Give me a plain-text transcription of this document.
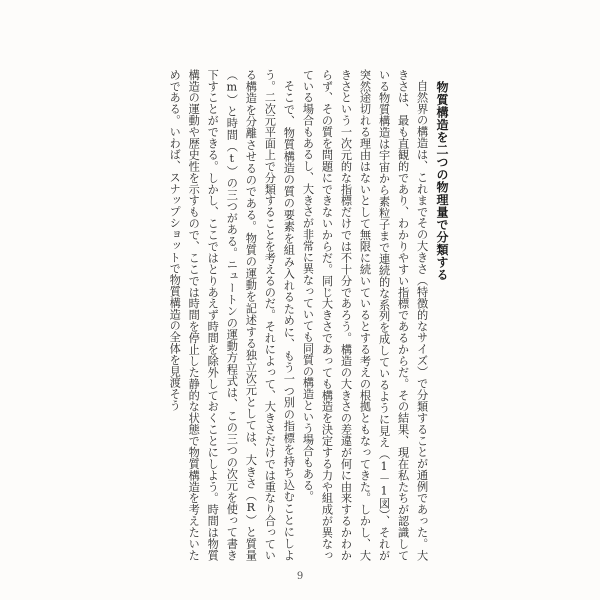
物質構造を二つの物理量で分類する

自然界の構造は、これまでその大きさ（特徴的なサイズ）で分類することが通例であった。大きさは、最も直観的であり、わかりやすい指標であるからだ。その結果、現在私たちが認識している物質構造は宇宙から素粒子まで連続的な系列を成しているように見え（1－1図）、それが突然途切れる理由はないとして無限に続いているとする考えの根拠ともなってきた。しかし、大きさという一次元的な指標だけでは不十分であろう。構造の大きさの差違が何に由来するかわからず、その質を問題にできないからだ。同じ大きさであっても構造を決定する力や組成が異なっている場合もあるし、大きさが非常に異なっていても同質の構造という場合もある。

そこで、物質構造の質の要素を組み入れるために、もう一つ別の指標を持ち込むことにしよう。二次元平面上で分類することを考えるのだ。それによって、大きさだけでは重なり合っている構造を分離させるのである。物質の運動を記述する独立次元としては、大きさ（R）と質量（m）と時間（t）の三つがある。ニュートンの運動方程式は、この三つの次元を使って書き下すことができる。しかし、ここではとりあえず時間を除外しておくことにしよう。時間は物質構造の運動や歴史性を示すもので、ここでは時間を停止した静的な状態で物質構造を考えたいためである。いわば、スナップショットで物質構造の全体を見渡そう

9
